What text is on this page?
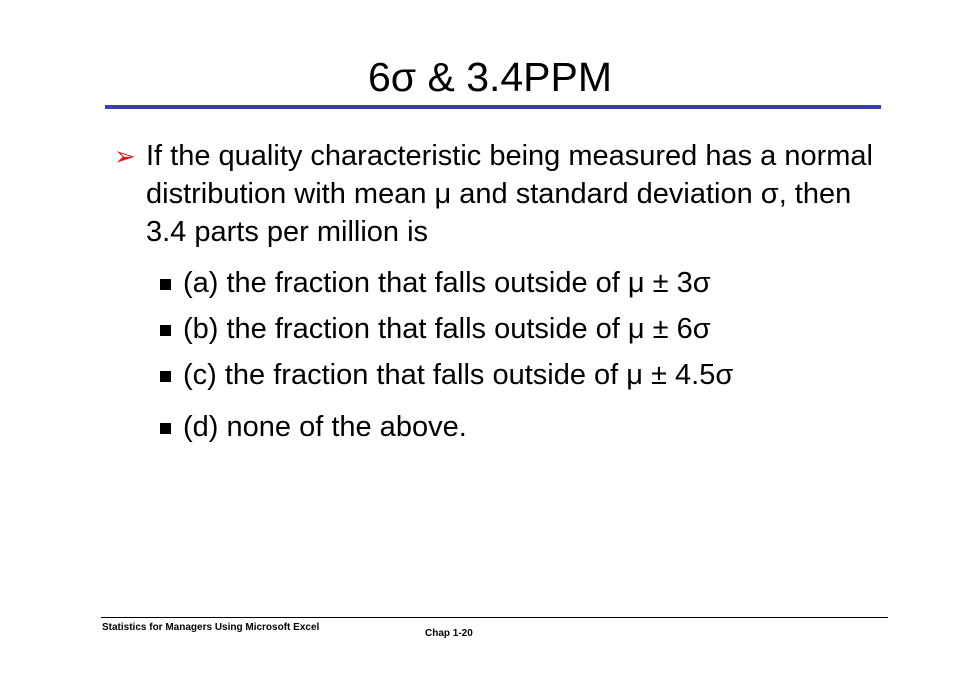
6σ & 3.4PPM
➢ If the quality characteristic being measured has a normal distribution with mean μ and standard deviation σ, then 3.4 parts per million is
(a) the fraction that falls outside of μ ± 3σ
(b) the fraction that falls outside of μ ± 6σ
(c) the fraction that falls outside of μ ± 4.5σ
(d) none of the above.
Statistics for Managers Using Microsoft Excel
Chap 1-20
